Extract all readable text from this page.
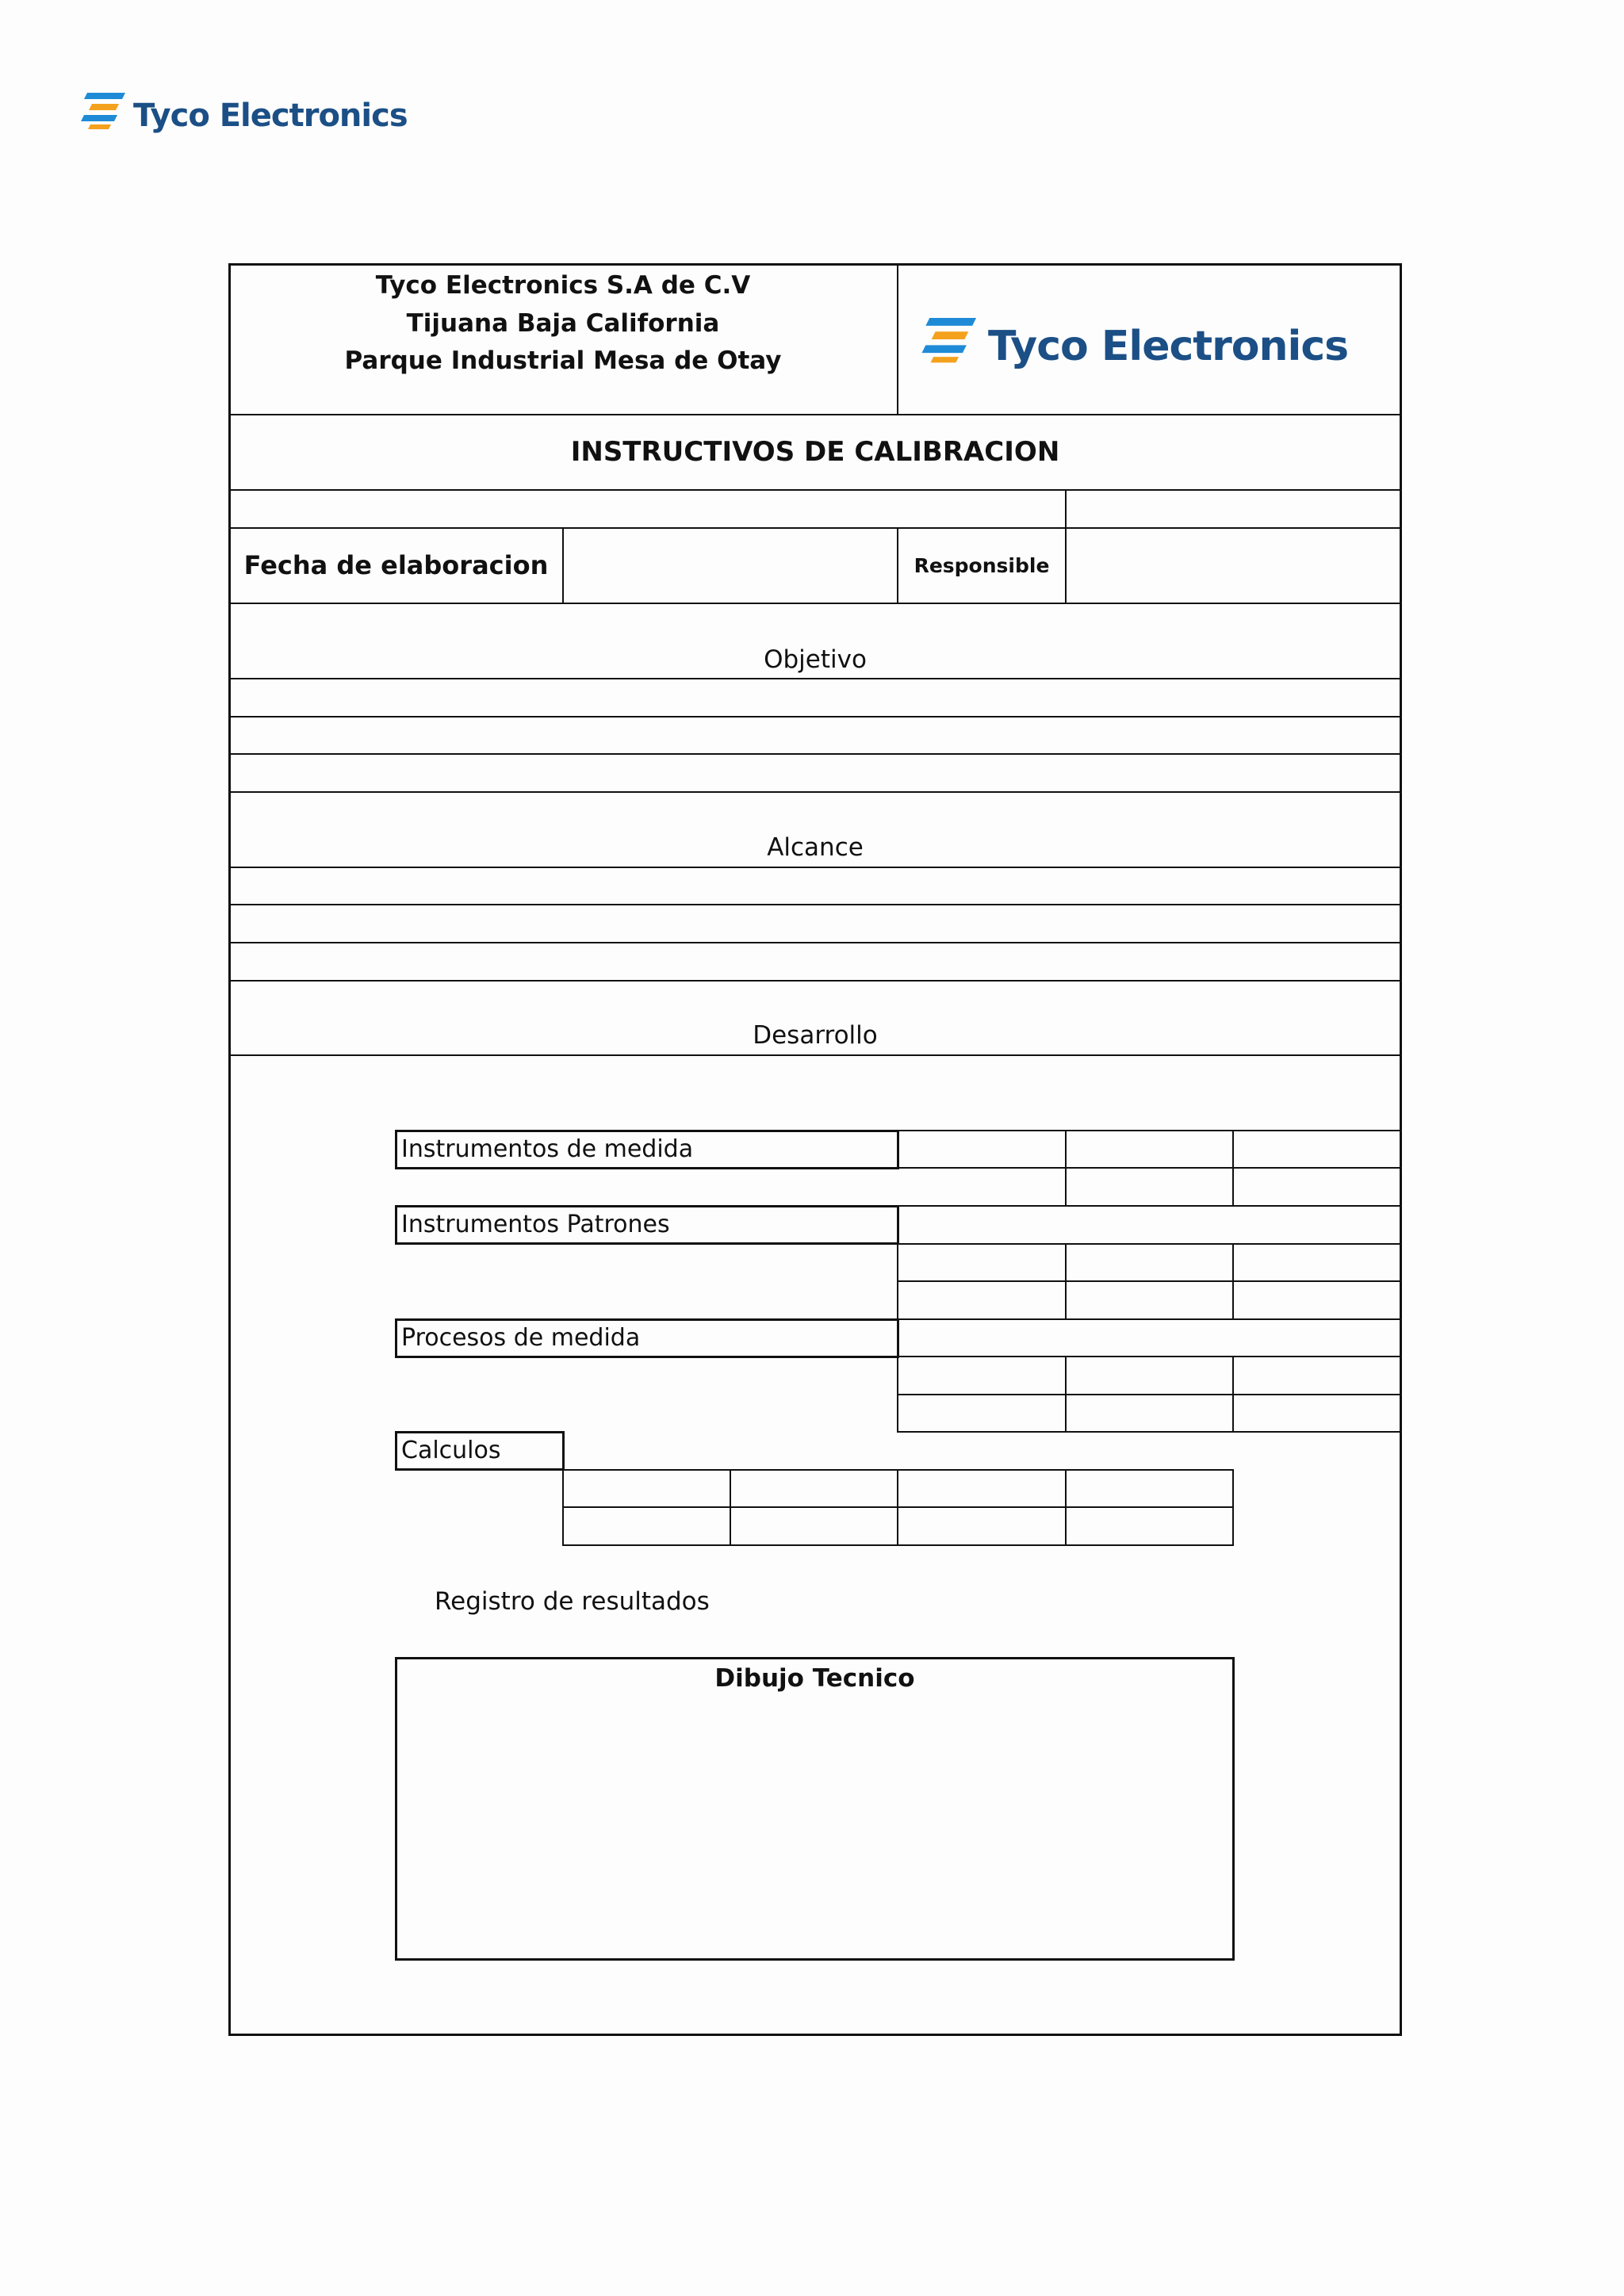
Tyco Electronics
Tyco Electronics S.A de C.V
Tijuana Baja California
Parque Industrial Mesa de Otay	Tyco Electronics
INSTRUCTIVOS DE CALIBRACION
Fecha de elaboracion	Responsible
Objetivo
Alcance
Desarrollo
Instrumentos de medida
Instrumentos Patrones
Procesos de medida
Calculos
Registro de resultados
Dibujo Tecnico
